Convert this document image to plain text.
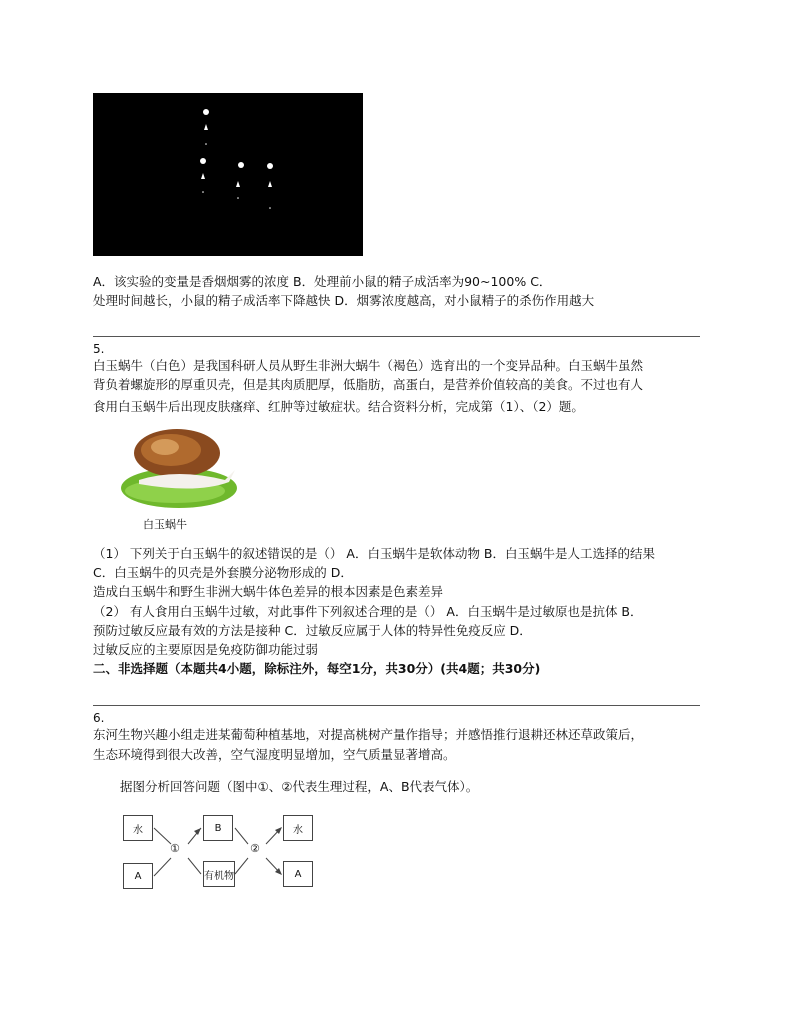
A．该实验的变量是香烟烟雾的浓度 B．处理前小鼠的精子成活率为90~100% C．
处理时间越长，小鼠的精子成活率下降越快 D．烟雾浓度越高，对小鼠精子的杀伤作用越大
5.
白玉蜗牛（白色）是我国科研人员从野生非洲大蜗牛（褐色）选育出的一个变异品种。白玉蜗牛虽然
背负着螺旋形的厚重贝壳，但是其肉质肥厚，低脂肪，高蛋白，是营养价值较高的美食。不过也有人
食用白玉蜗牛后出现皮肤瘙痒、红肿等过敏症状。结合资料分析，完成第（1）、（2）题。
白玉蜗牛
（1） 下列关于白玉蜗牛的叙述错误的是（） A．白玉蜗牛是软体动物 B．白玉蜗牛是人工选择的结果
C．白玉蜗牛的贝壳是外套膜分泌物形成的 D．
造成白玉蜗牛和野生非洲大蜗牛体色差异的根本因素是色素差异
（2） 有人食用白玉蜗牛过敏，对此事件下列叙述合理的是（） A．白玉蜗牛是过敏原也是抗体 B．
预防过敏反应最有效的方法是接种 C．过敏反应属于人体的特异性免疫反应 D．
过敏反应的主要原因是免疫防御功能过弱
二、非选择题（本题共4小题，除标注外，每空1分，共30分）(共4题；共30分)
6.
东河生物兴趣小组走进某葡萄种植基地，对提高桃树产量作指导；并感悟推行退耕还林还草政策后，
生态环境得到很大改善，空气湿度明显增加，空气质量显著增高。
据图分析回答问题（图中①、②代表生理过程，A、B代表气体）。
水
A
①
B
有机物
②
水
A
